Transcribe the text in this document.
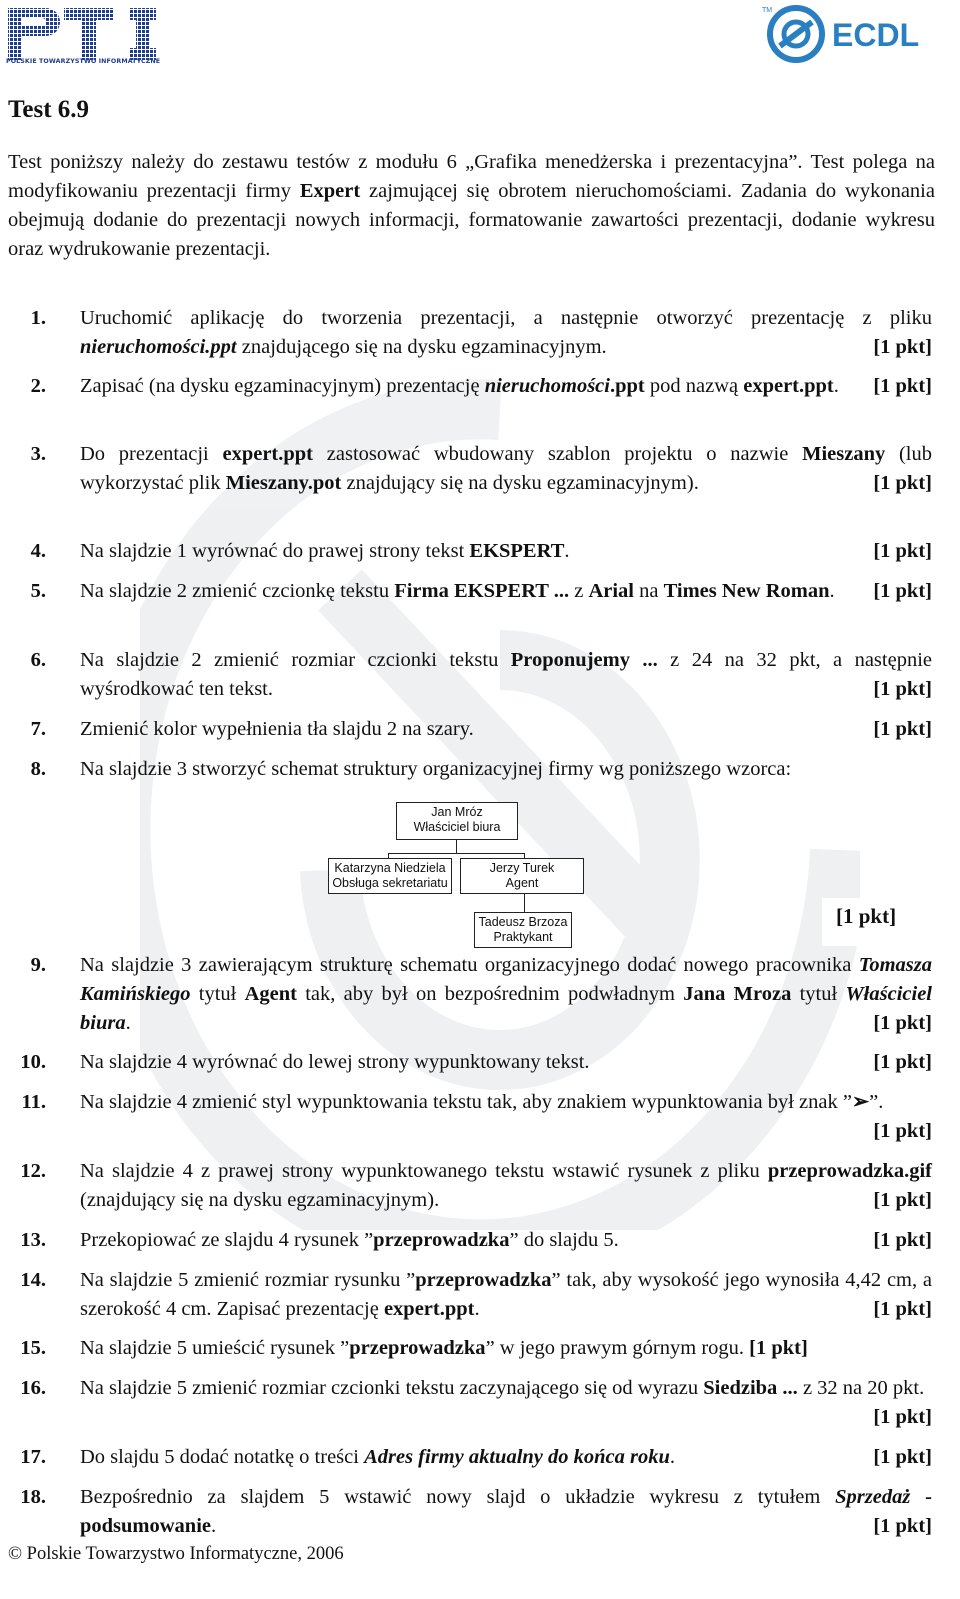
POLSKIE TOWARZYSTWO INFORMATYCZNE
TM
ECDL
Test 6.9
Test poniższy należy do zestawu testów z modułu 6 „Grafika menedżerska i prezentacyjna”. Test polega na modyfikowaniu prezentacji firmy Expert zajmującej się obrotem nieruchomościami. Zadania do wykonania obejmują dodanie do prezentacji nowych informacji, formatowanie zawartości prezentacji, dodanie wykresu oraz wydrukowanie prezentacji.
1. Uruchomić aplikację do tworzenia prezentacji, a następnie otworzyć prezentację z pliku nieruchomości.ppt znajdującego się na dysku egzaminacyjnym.	[1 pkt]
2. Zapisać (na dysku egzaminacyjnym) prezentację nieruchomości.ppt pod nazwą expert.ppt. [1 pkt]
3. Do prezentacji expert.ppt zastosować wbudowany szablon projektu o nazwie Mieszany (lub wykorzystać plik Mieszany.pot znajdujący się na dysku egzaminacyjnym).	[1 pkt]
4. Na slajdzie 1 wyrównać do prawej strony tekst EKSPERT.	[1 pkt]
5. Na slajdzie 2 zmienić czcionkę tekstu Firma EKSPERT ... z Arial na Times New Roman. [1 pkt]
6. Na slajdzie 2 zmienić rozmiar czcionki tekstu Proponujemy ... z 24 na 32 pkt, a następnie wyśrodkować ten tekst.	[1 pkt]
7. Zmienić kolor wypełnienia tła slajdu 2 na szary.	[1 pkt]
8. Na slajdzie 3 stworzyć schemat struktury organizacyjnej firmy wg poniższego wzorca:
Jan Mróz
Właściciel biura
Katarzyna Niedziela
Obsługa sekretariatu
Jerzy Turek
Agent
Tadeusz Brzoza
Praktykant
[1 pkt]
9. Na slajdzie 3 zawierającym strukturę schematu organizacyjnego dodać nowego pracownika Tomasza Kamińskiego tytuł Agent tak, aby był on bezpośrednim podwładnym Jana Mroza tytuł Właściciel biura.	[1 pkt]
10. Na slajdzie 4 wyrównać do lewej strony wypunktowany tekst.	[1 pkt]
11. Na slajdzie 4 zmienić styl wypunktowania tekstu tak, aby znakiem wypunktowania był znak ”➢”.
[1 pkt]
12. Na slajdzie 4 z prawej strony wypunktowanego tekstu wstawić rysunek z pliku przeprowadzka.gif (znajdujący się na dysku egzaminacyjnym).	[1 pkt]
13. Przekopiować ze slajdu 4 rysunek ”przeprowadzka” do slajdu 5.	[1 pkt]
14. Na slajdzie 5 zmienić rozmiar rysunku ”przeprowadzka” tak, aby wysokość jego wynosiła 4,42 cm, a szerokość 4 cm. Zapisać prezentację expert.ppt.	[1 pkt]
15. Na slajdzie 5 umieścić rysunek ”przeprowadzka” w jego prawym górnym rogu. [1 pkt]
16. Na slajdzie 5 zmienić rozmiar czcionki tekstu zaczynającego się od wyrazu Siedziba ... z 32 na 20 pkt.
[1 pkt]
17. Do slajdu 5 dodać notatkę o treści Adres firmy aktualny do końca roku.	[1 pkt]
18. Bezpośrednio za slajdem 5 wstawić nowy slajd o układzie wykresu z tytułem Sprzedaż - podsumowanie.	[1 pkt]
© Polskie Towarzystwo Informatyczne, 2006
